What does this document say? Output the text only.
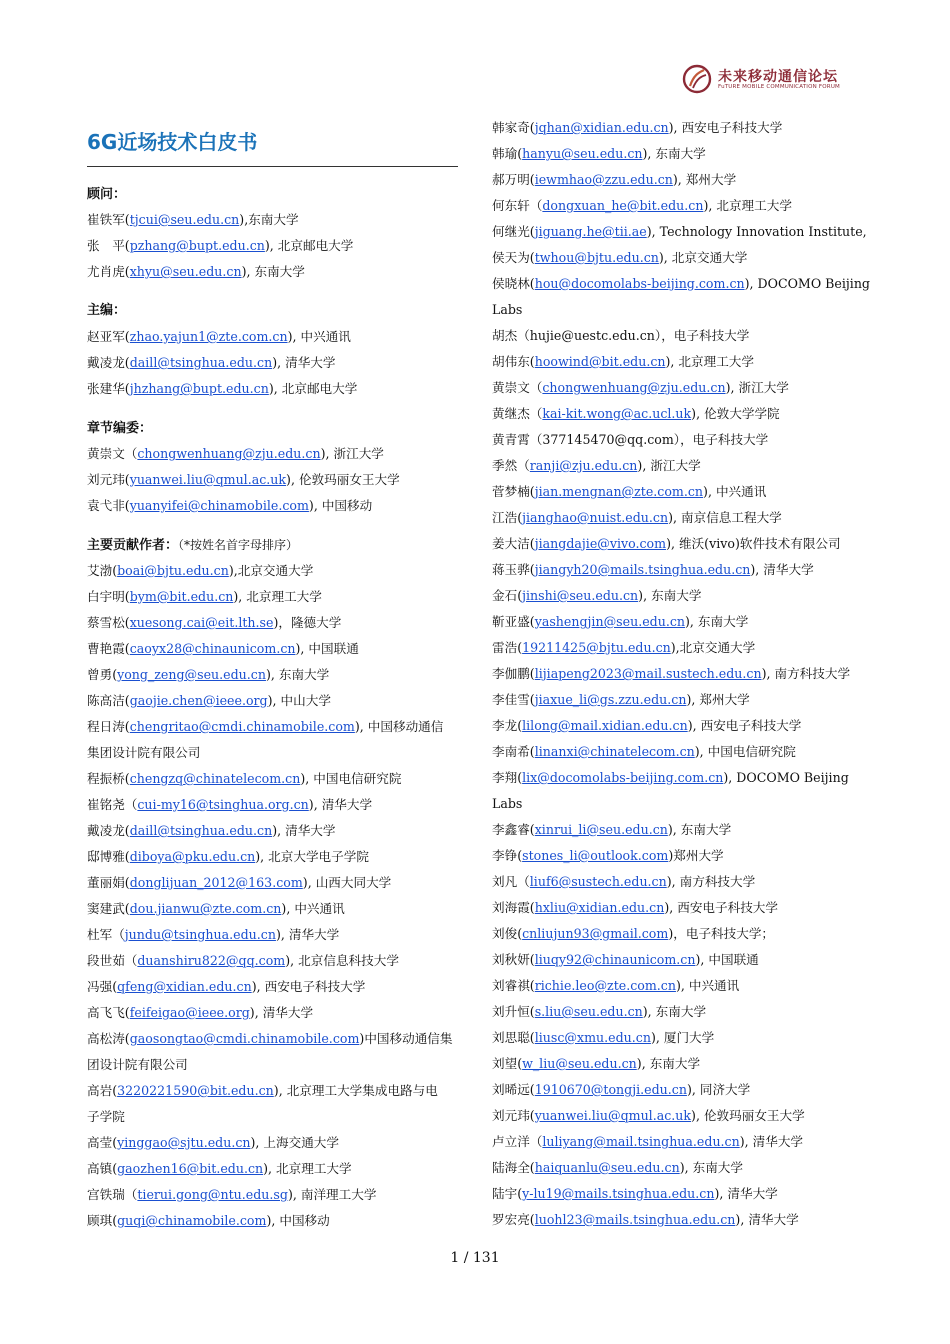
未来移动通信论坛
FuTURE MOBILE COMMUNICATION FORUM
6G近场技术白皮书
顾问：
崔铁军(tjcui@seu.edu.cn),东南大学
张　平(pzhang@bupt.edu.cn), 北京邮电大学
尤肖虎(xhyu@seu.edu.cn), 东南大学
主编：
赵亚军(zhao.yajun1@zte.com.cn), 中兴通讯
戴凌龙(daill@tsinghua.edu.cn), 清华大学
张建华(jhzhang@bupt.edu.cn), 北京邮电大学
章节编委：
黄崇文（chongwenhuang@zju.edu.cn), 浙江大学
刘元玮(yuanwei.liu@qmul.ac.uk), 伦敦玛丽女王大学
袁弋非(yuanyifei@chinamobile.com), 中国移动
主要贡献作者：（*按姓名首字母排序）
艾渤(boai@bjtu.edu.cn),北京交通大学
白宇明(bym@bit.edu.cn), 北京理工大学
蔡雪松(xuesong.cai@eit.lth.se)，隆德大学
曹艳霞(caoyx28@chinaunicom.cn), 中国联通
曾勇(yong_zeng@seu.edu.cn), 东南大学
陈高洁(gaojie.chen@ieee.org), 中山大学
程日涛(chengritao@cmdi.chinamobile.com), 中国移动通信
集团设计院有限公司
程振桥(chengzq@chinatelecom.cn), 中国电信研究院
崔铭尧（cui-my16@tsinghua.org.cn), 清华大学
戴凌龙(daill@tsinghua.edu.cn), 清华大学
邸博雅(diboya@pku.edu.cn), 北京大学电子学院
董丽娟(donglijuan_2012@163.com), 山西大同大学
窦建武(dou.jianwu@zte.com.cn), 中兴通讯
杜军（jundu@tsinghua.edu.cn), 清华大学
段世茹（duanshiru822@qq.com), 北京信息科技大学
冯强(qfeng@xidian.edu.cn), 西安电子科技大学
高飞飞(feifeigao@ieee.org), 清华大学
高松涛(gaosongtao@cmdi.chinamobile.com)中国移动通信集
团设计院有限公司
高岩(3220221590@bit.edu.cn), 北京理工大学集成电路与电
子学院
高莹(yinggao@sjtu.edu.cn), 上海交通大学
高镇(gaozhen16@bit.edu.cn), 北京理工大学
宫铁瑞（tierui.gong@ntu.edu.sg), 南洋理工大学
顾琪(guqi@chinamobile.com), 中国移动
韩家奇(jqhan@xidian.edu.cn), 西安电子科技大学
韩瑜(hanyu@seu.edu.cn), 东南大学
郝万明(iewmhao@zzu.edu.cn), 郑州大学
何东轩（dongxuan_he@bit.edu.cn), 北京理工大学
何继光(jiguang.he@tii.ae), Technology Innovation Institute,
侯天为(twhou@bjtu.edu.cn), 北京交通大学
侯晓林(hou@docomolabs-beijing.com.cn), DOCOMO Beijing
Labs
胡杰（hujie@uestc.edu.cn），电子科技大学
胡伟东(hoowind@bit.edu.cn), 北京理工大学
黄崇文（chongwenhuang@zju.edu.cn), 浙江大学
黄继杰（kai-kit.wong@ac.ucl.uk), 伦敦大学学院
黄青霄（377145470@qq.com），电子科技大学
季然（ranji@zju.edu.cn), 浙江大学
菅梦楠(jian.mengnan@zte.com.cn), 中兴通讯
江浩(jianghao@nuist.edu.cn), 南京信息工程大学
姜大洁(jiangdajie@vivo.com), 维沃(vivo)软件技术有限公司
蒋玉骅(jiangyh20@mails.tsinghua.edu.cn), 清华大学
金石(jinshi@seu.edu.cn), 东南大学
靳亚盛(yashengjin@seu.edu.cn), 东南大学
雷浩(19211425@bjtu.edu.cn),北京交通大学
李伽鹏(lijiapeng2023@mail.sustech.edu.cn), 南方科技大学
李佳雪(jiaxue_li@gs.zzu.edu.cn), 郑州大学
李龙(lilong@mail.xidian.edu.cn), 西安电子科技大学
李南希(linanxi@chinatelecom.cn), 中国电信研究院
李翔(lix@docomolabs-beijing.com.cn), DOCOMO Beijing
Labs
李鑫睿(xinrui_li@seu.edu.cn), 东南大学
李铮(stones_li@outlook.com)郑州大学
刘凡（liuf6@sustech.edu.cn), 南方科技大学
刘海霞(hxliu@xidian.edu.cn), 西安电子科技大学
刘俊(cnliujun93@gmail.com)，电子科技大学；
刘秋妍(liuqy92@chinaunicom.cn), 中国联通
刘睿祺(richie.leo@zte.com.cn), 中兴通讯
刘升恒(s.liu@seu.edu.cn), 东南大学
刘思聪(liusc@xmu.edu.cn), 厦门大学
刘望(w_liu@seu.edu.cn), 东南大学
刘晞远(1910670@tongji.edu.cn), 同济大学
刘元玮(yuanwei.liu@qmul.ac.uk), 伦敦玛丽女王大学
卢立洋（luliyang@mail.tsinghua.edu.cn), 清华大学
陆海全(haiquanlu@seu.edu.cn), 东南大学
陆宇(y-lu19@mails.tsinghua.edu.cn), 清华大学
罗宏亮(luohl23@mails.tsinghua.edu.cn), 清华大学
1 / 131
